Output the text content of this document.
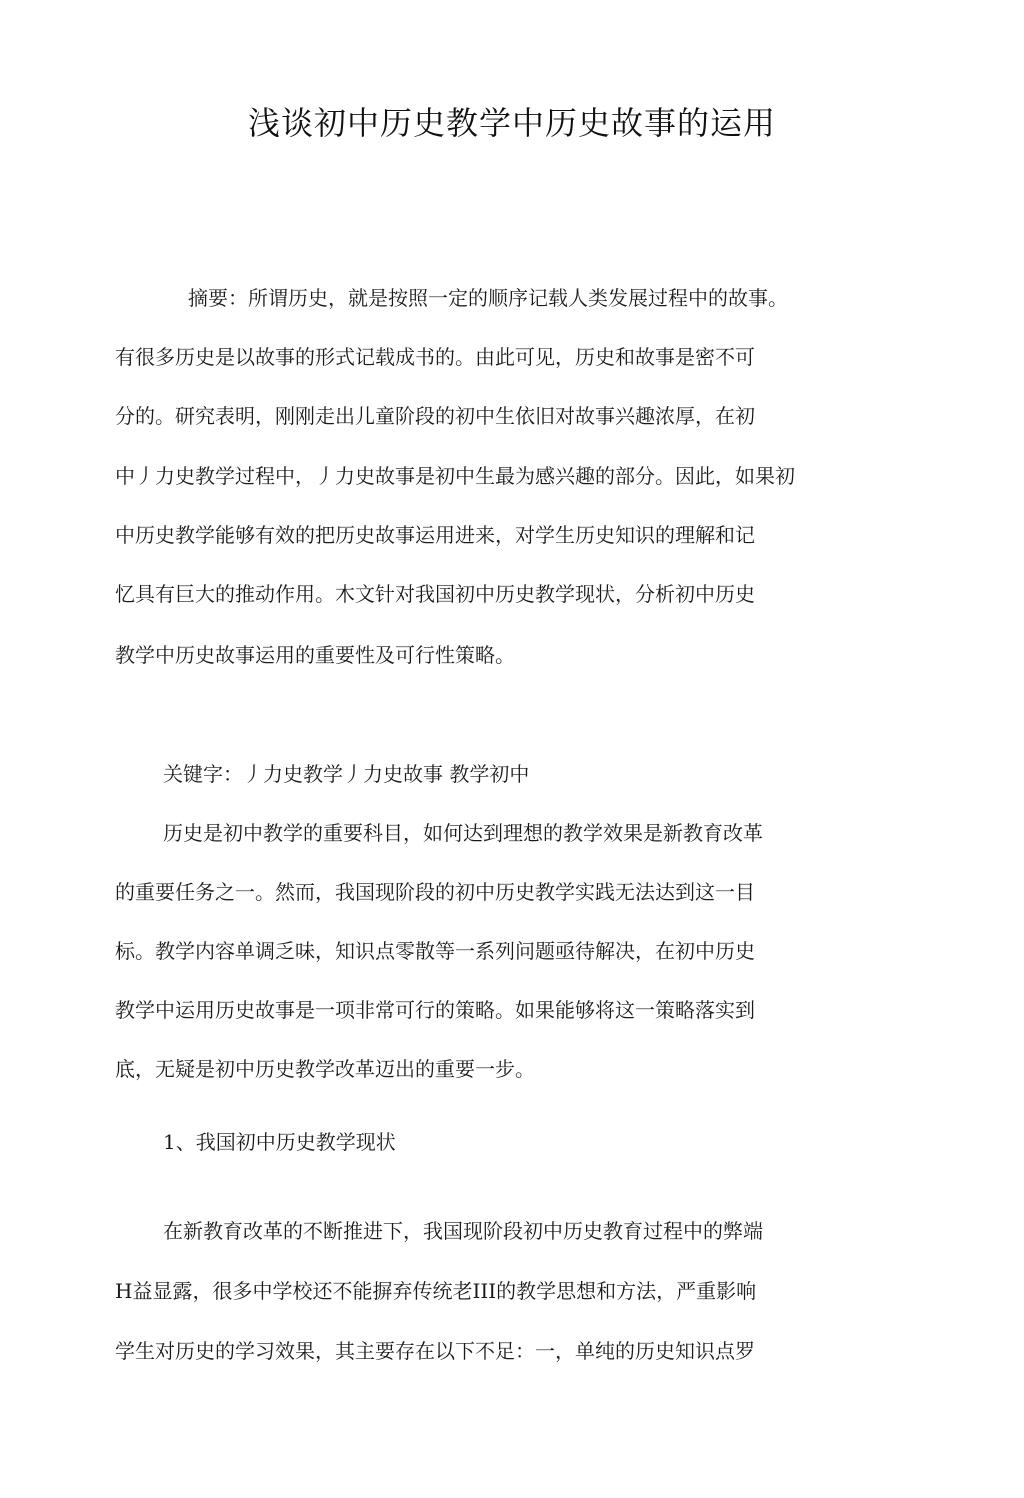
浅谈初中历史教学中历史故事的运用
摘要：所谓历史，就是按照一定的顺序记载人类发展过程中的故事。
有很多历史是以故事的形式记载成书的。由此可见，历史和故事是密不可
分的。研究表明，刚刚走出儿童阶段的初中生依旧对故事兴趣浓厚，在初
中丿力史教学过程中，丿力史故事是初中生最为感兴趣的部分。因此，如果初
中历史教学能够有效的把历史故事运用进来，对学生历史知识的理解和记
忆具有巨大的推动作用。木文针对我国初中历史教学现状，分析初中历史
教学中历史故事运用的重要性及可行性策略。
关键字：丿力史教学丿力史故事 教学初中
历史是初中教学的重要科目，如何达到理想的教学效果是新教育改革
的重要任务之一。然而，我国现阶段的初中历史教学实践无法达到这一目
标。教学内容单调乏味，知识点零散等一系列问题亟待解决，在初中历史
教学中运用历史故事是一项非常可行的策略。如果能够将这一策略落实到
底，无疑是初中历史教学改革迈出的重要一步。
1、我国初中历史教学现状
在新教育改革的不断推进下，我国现阶段初中历史教育过程中的弊端
H益显露，很多中学校还不能摒弃传统老III的教学思想和方法，严重影响
学生对历史的学习效果，其主要存在以下不足：一，单纯的历史知识点罗
